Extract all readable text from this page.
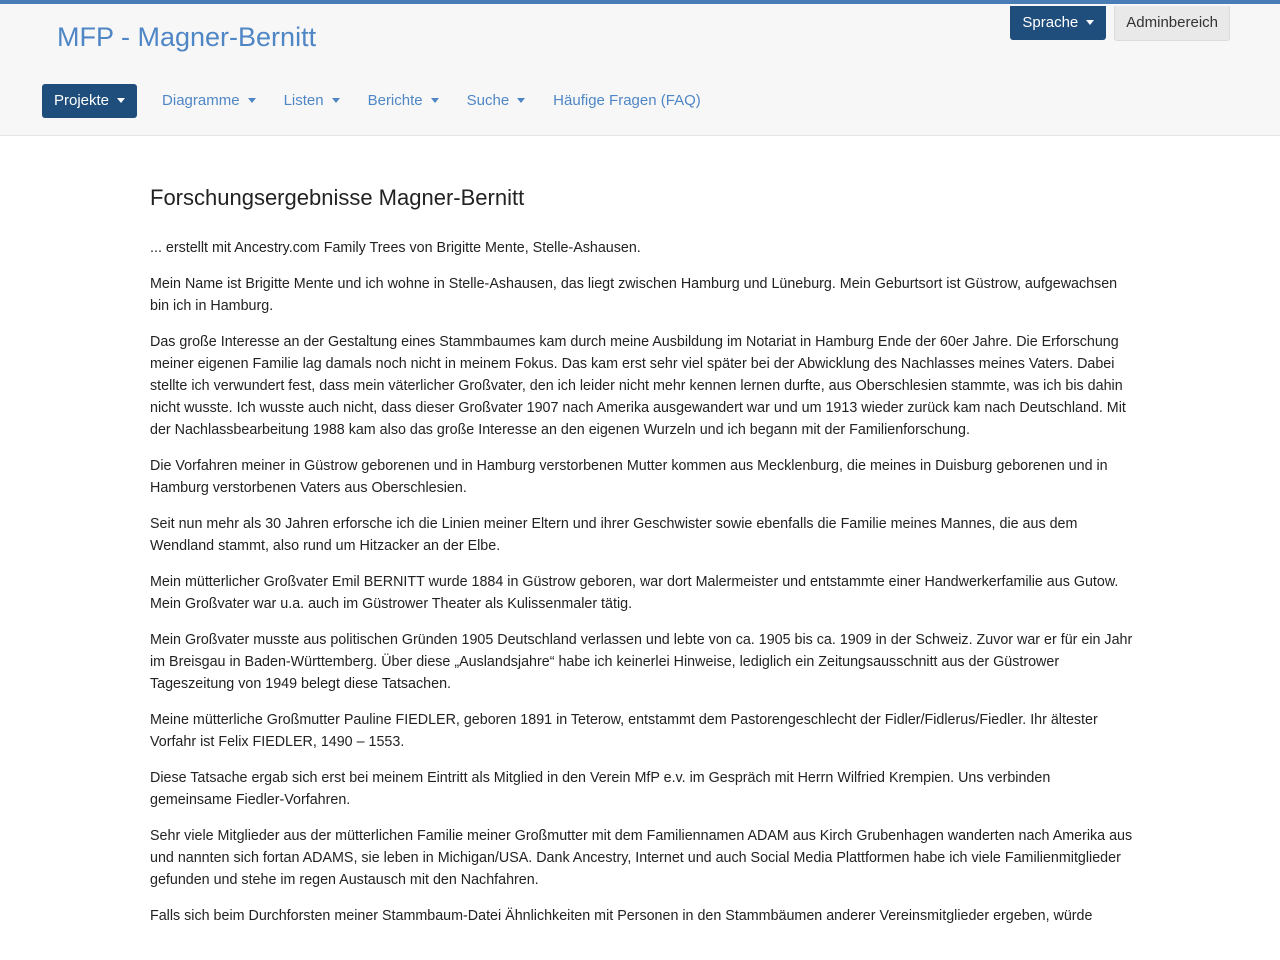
MFP - Magner-Bernitt	Sprache	Adminbereich
Projekte	Diagramme	Listen	Berichte	Suche	Häufige Fragen (FAQ)
Forschungsergebnisse Magner-Bernitt

... erstellt mit Ancestry.com Family Trees von Brigitte Mente, Stelle-Ashausen.

Mein Name ist Brigitte Mente und ich wohne in Stelle-Ashausen, das liegt zwischen Hamburg und Lüneburg. Mein Geburtsort ist Güstrow, aufgewachsen bin ich in Hamburg.

Das große Interesse an der Gestaltung eines Stammbaumes kam durch meine Ausbildung im Notariat in Hamburg Ende der 60er Jahre. Die Erforschung meiner eigenen Familie lag damals noch nicht in meinem Fokus. Das kam erst sehr viel später bei der Abwicklung des Nachlasses meines Vaters. Dabei stellte ich verwundert fest, dass mein väterlicher Großvater, den ich leider nicht mehr kennen lernen durfte, aus Oberschlesien stammte, was ich bis dahin nicht wusste. Ich wusste auch nicht, dass dieser Großvater 1907 nach Amerika ausgewandert war und um 1913 wieder zurück kam nach Deutschland. Mit der Nachlassbearbeitung 1988 kam also das große Interesse an den eigenen Wurzeln und ich begann mit der Familienforschung.

Die Vorfahren meiner in Güstrow geborenen und in Hamburg verstorbenen Mutter kommen aus Mecklenburg, die meines in Duisburg geborenen und in Hamburg verstorbenen Vaters aus Oberschlesien.

Seit nun mehr als 30 Jahren erforsche ich die Linien meiner Eltern und ihrer Geschwister sowie ebenfalls die Familie meines Mannes, die aus dem Wendland stammt, also rund um Hitzacker an der Elbe.

Mein mütterlicher Großvater Emil BERNITT wurde 1884 in Güstrow geboren, war dort Malermeister und entstammte einer Handwerkerfamilie aus Gutow. Mein Großvater war u.a. auch im Güstrower Theater als Kulissenmaler tätig.

Mein Großvater musste aus politischen Gründen 1905 Deutschland verlassen und lebte von ca. 1905 bis ca. 1909 in der Schweiz. Zuvor war er für ein Jahr im Breisgau in Baden-Württemberg. Über diese „Auslandsjahre“ habe ich keinerlei Hinweise, lediglich ein Zeitungsausschnitt aus der Güstrower Tageszeitung von 1949 belegt diese Tatsachen.

Meine mütterliche Großmutter Pauline FIEDLER, geboren 1891 in Teterow, entstammt dem Pastorengeschlecht der Fidler/Fidlerus/Fiedler. Ihr ältester Vorfahr ist Felix FIEDLER, 1490 – 1553.

Diese Tatsache ergab sich erst bei meinem Eintritt als Mitglied in den Verein MfP e.v. im Gespräch mit Herrn Wilfried Krempien. Uns verbinden gemeinsame Fiedler-Vorfahren.

Sehr viele Mitglieder aus der mütterlichen Familie meiner Großmutter mit dem Familiennamen ADAM aus Kirch Grubenhagen wanderten nach Amerika aus und nannten sich fortan ADAMS, sie leben in Michigan/USA. Dank Ancestry, Internet und auch Social Media Plattformen habe ich viele Familienmitglieder gefunden und stehe im regen Austausch mit den Nachfahren.

Falls sich beim Durchforsten meiner Stammbaum-Datei Ähnlichkeiten mit Personen in den Stammbäumen anderer Vereinsmitglieder ergeben, würde
